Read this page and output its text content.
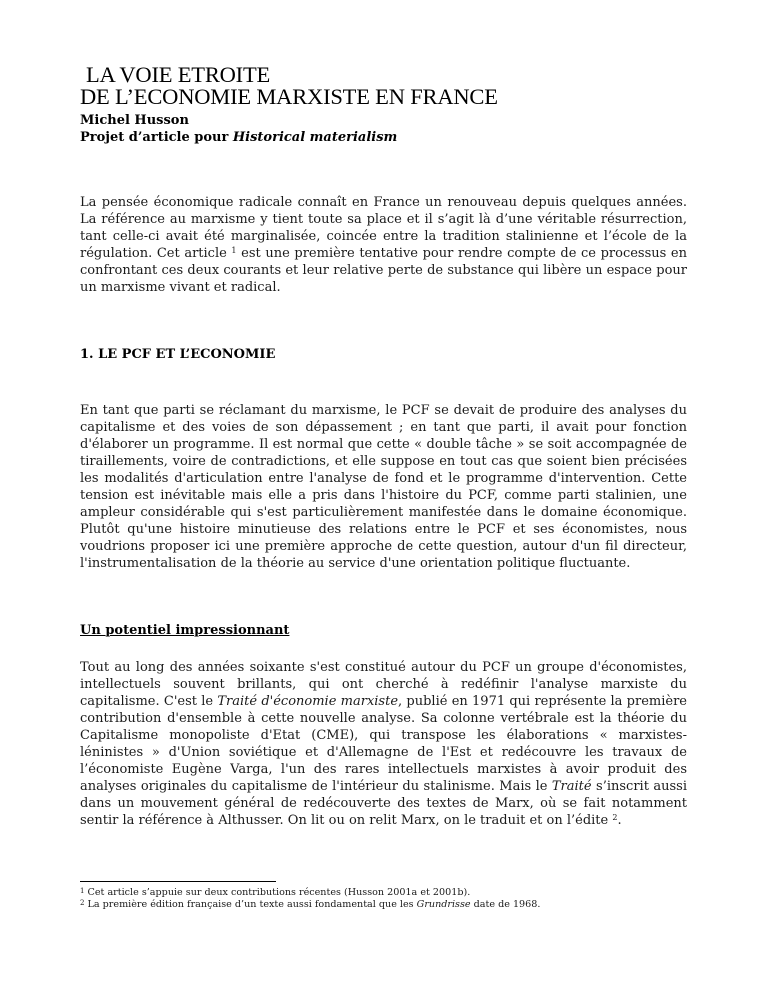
LA VOIE ETROITE
DE L’ECONOMIE MARXISTE EN FRANCE
Michel Husson
Projet d’article pour Historical materialism

La pensée économique radicale connaît en France un renouveau depuis quelques années. La référence au marxisme y tient toute sa place et il s’agit là d’une véritable résurrection, tant celle-ci avait été marginalisée, coincée entre la tradition stalinienne et l’école de la régulation. Cet article $^1$ est une première tentative pour rendre compte de ce processus en confrontant ces deux courants et leur relative perte de substance qui libère un espace pour un marxisme vivant et radical.

1. LE PCF ET L’ECONOMIE

En tant que parti se réclamant du marxisme, le PCF se devait de produire des analyses du capitalisme et des voies de son dépassement ; en tant que parti, il avait pour fonction d'élaborer un programme. Il est normal que cette « double tâche » se soit accompagnée de tiraillements, voire de contradictions, et elle suppose en tout cas que soient bien précisées les modalités d'articulation entre l'analyse de fond et le programme d'intervention. Cette tension est inévitable mais elle a pris dans l'histoire du PCF, comme parti stalinien, une ampleur considérable qui s'est particulièrement manifestée dans le domaine économique. Plutôt qu'une histoire minutieuse des relations entre le PCF et ses économistes, nous voudrions proposer ici une première approche de cette question, autour d'un fil directeur, l'instrumentalisation de la théorie au service d'une orientation politique fluctuante.

Un potentiel impressionnant

Tout au long des années soixante s'est constitué autour du PCF un groupe d'économistes, intellectuels souvent brillants, qui ont cherché à redéfinir l'analyse marxiste du capitalisme. C'est le Traité d'économie marxiste, publié en 1971 qui représente la première contribution d'ensemble à cette nouvelle analyse. Sa colonne vertébrale est la théorie du Capitalisme monopoliste d'Etat (CME), qui transpose les élaborations « marxistes-léninistes » d'Union soviétique et d'Allemagne de l'Est et redécouvre les travaux de l’économiste Eugène Varga, l'un des rares intellectuels marxistes à avoir produit des analyses originales du capitalisme de l'intérieur du stalinisme. Mais le Traité s’inscrit aussi dans un mouvement général de redécouverte des textes de Marx, où se fait notamment sentir la référence à Althusser. On lit ou on relit Marx, on le traduit et on l’édite $^2$.

$^1$ Cet article s’appuie sur deux contributions récentes (Husson 2001a et 2001b).
$^2$ La première édition française d’un texte aussi fondamental que les Grundrisse date de 1968.
